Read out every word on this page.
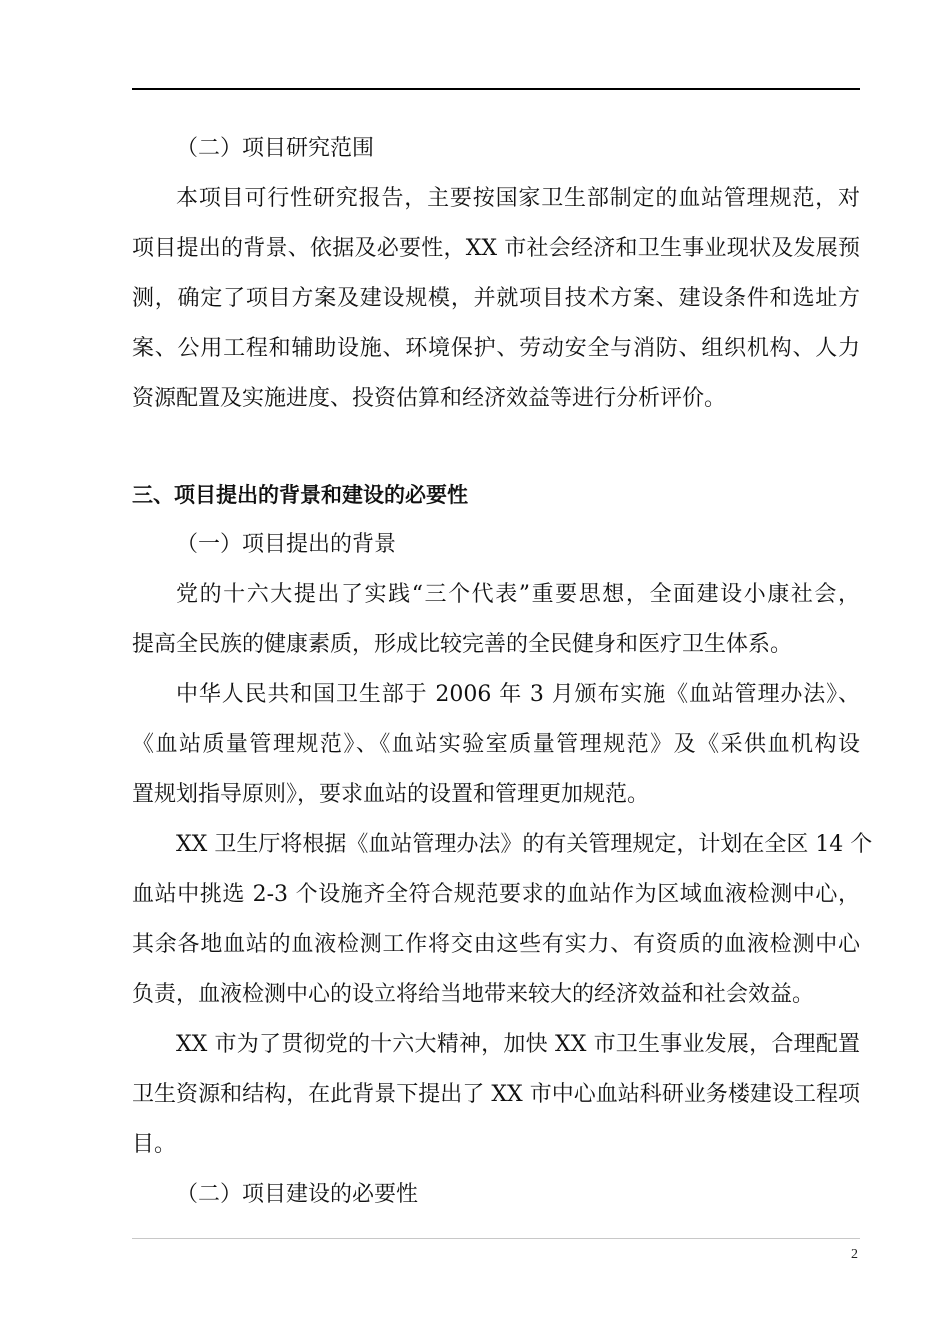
（二）项目研究范围
本项目可行性研究报告，主要按国家卫生部制定的血站管理规范，对
项目提出的背景、依据及必要性，XX 市社会经济和卫生事业现状及发展预
测，确定了项目方案及建设规模，并就项目技术方案、建设条件和选址方
案、公用工程和辅助设施、环境保护、劳动安全与消防、组织机构、人力
资源配置及实施进度、投资估算和经济效益等进行分析评价。
三、项目提出的背景和建设的必要性
（一）项目提出的背景
党的十六大提出了实践“三个代表”重要思想，全面建设小康社会，
提高全民族的健康素质，形成比较完善的全民健身和医疗卫生体系。
中华人民共和国卫生部于 2006 年 3 月颁布实施《血站管理办法》、
《血站质量管理规范》、《血站实验室质量管理规范》及《采供血机构设
置规划指导原则》，要求血站的设置和管理更加规范。
XX 卫生厅将根据《血站管理办法》的有关管理规定，计划在全区 14 个
血站中挑选 2-3 个设施齐全符合规范要求的血站作为区域血液检测中心，
其余各地血站的血液检测工作将交由这些有实力、有资质的血液检测中心
负责，血液检测中心的设立将给当地带来较大的经济效益和社会效益。
XX 市为了贯彻党的十六大精神，加快 XX 市卫生事业发展，合理配置
卫生资源和结构，在此背景下提出了 XX 市中心血站科研业务楼建设工程项
目。
（二）项目建设的必要性
2
